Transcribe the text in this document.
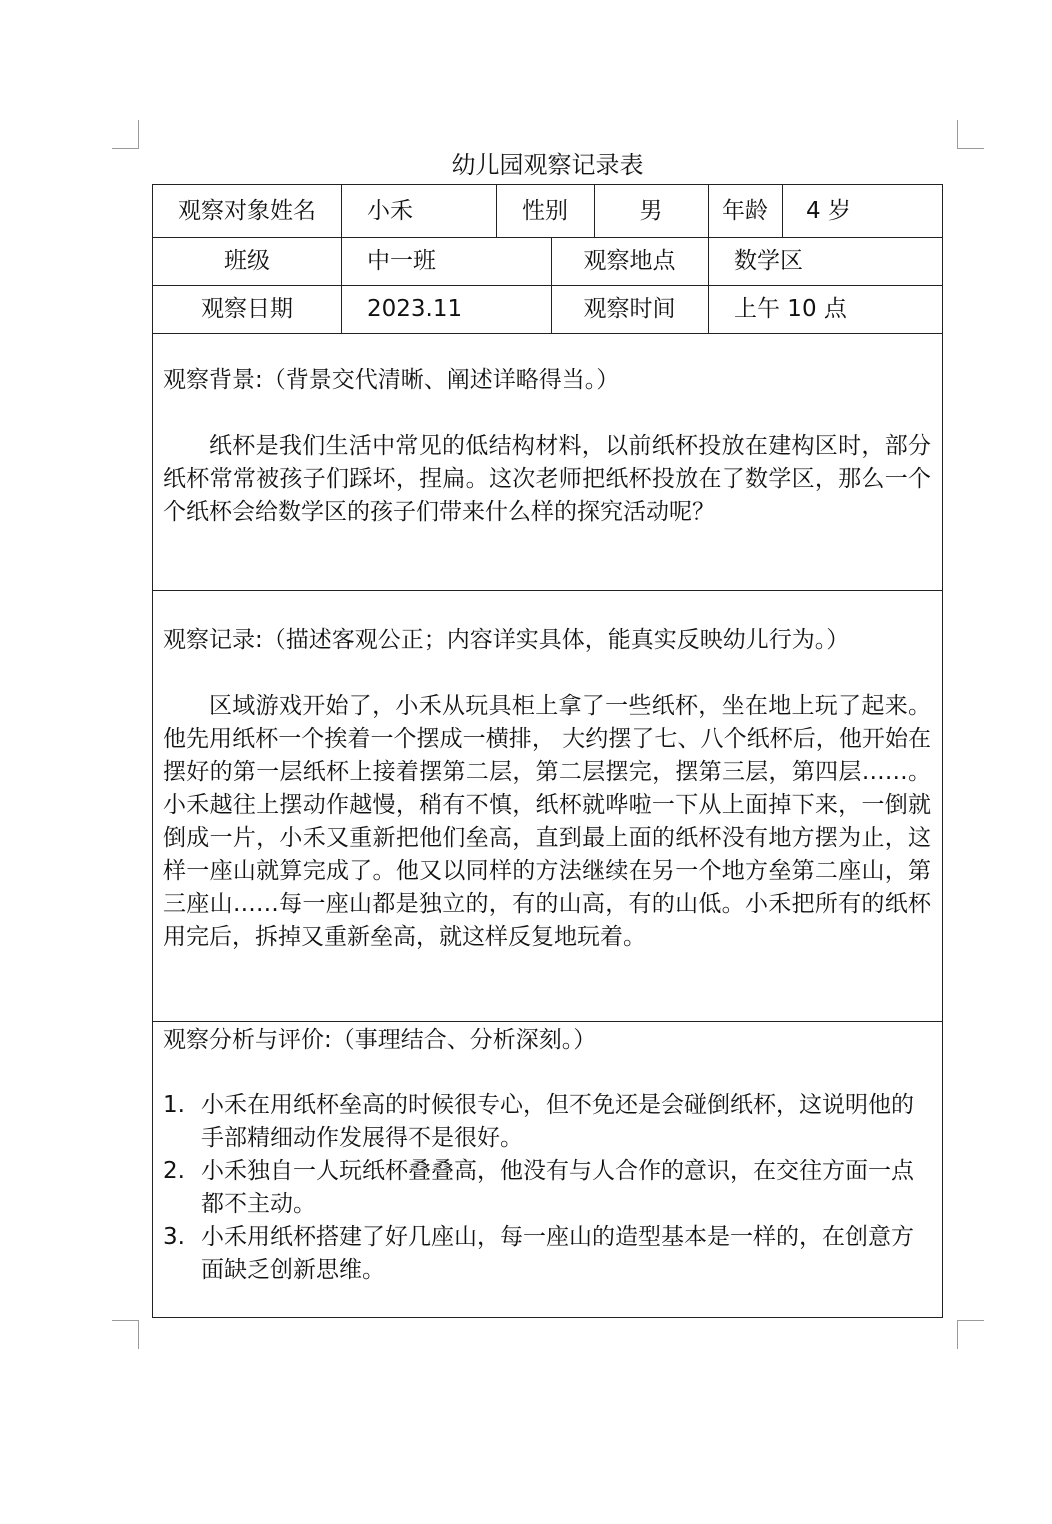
幼儿园观察记录表
观察对象姓名	小禾	性别	男	年龄	4 岁
班级	中一班	观察地点	数学区
观察日期	2023.11	观察时间	上午 10 点
观察背景:（背景交代清晰、阐述详略得当。）
纸杯是我们生活中常见的低结构材料，以前纸杯投放在建构区时，部分纸杯常常被孩子们踩坏，捏扁。这次老师把纸杯投放在了数学区，那么一个个纸杯会给数学区的孩子们带来什么样的探究活动呢？
观察记录:（描述客观公正；内容详实具体，能真实反映幼儿行为。）
区域游戏开始了，小禾从玩具柜上拿了一些纸杯，坐在地上玩了起来。他先用纸杯一个挨着一个摆成一横排， 大约摆了七、八个纸杯后，他开始在摆好的第一层纸杯上接着摆第二层，第二层摆完，摆第三层，第四层……。小禾越往上摆动作越慢，稍有不慎，纸杯就哗啦一下从上面掉下来，一倒就倒成一片，小禾又重新把他们垒高，直到最上面的纸杯没有地方摆为止，这样一座山就算完成了。他又以同样的方法继续在另一个地方垒第二座山，第三座山……每一座山都是独立的，有的山高，有的山低。小禾把所有的纸杯用完后，拆掉又重新垒高，就这样反复地玩着。
观察分析与评价:（事理结合、分析深刻。）
1. 小禾在用纸杯垒高的时候很专心，但不免还是会碰倒纸杯，这说明他的手部精细动作发展得不是很好。
2. 小禾独自一人玩纸杯叠叠高，他没有与人合作的意识，在交往方面一点都不主动。
3. 小禾用纸杯搭建了好几座山，每一座山的造型基本是一样的，在创意方面缺乏创新思维。
